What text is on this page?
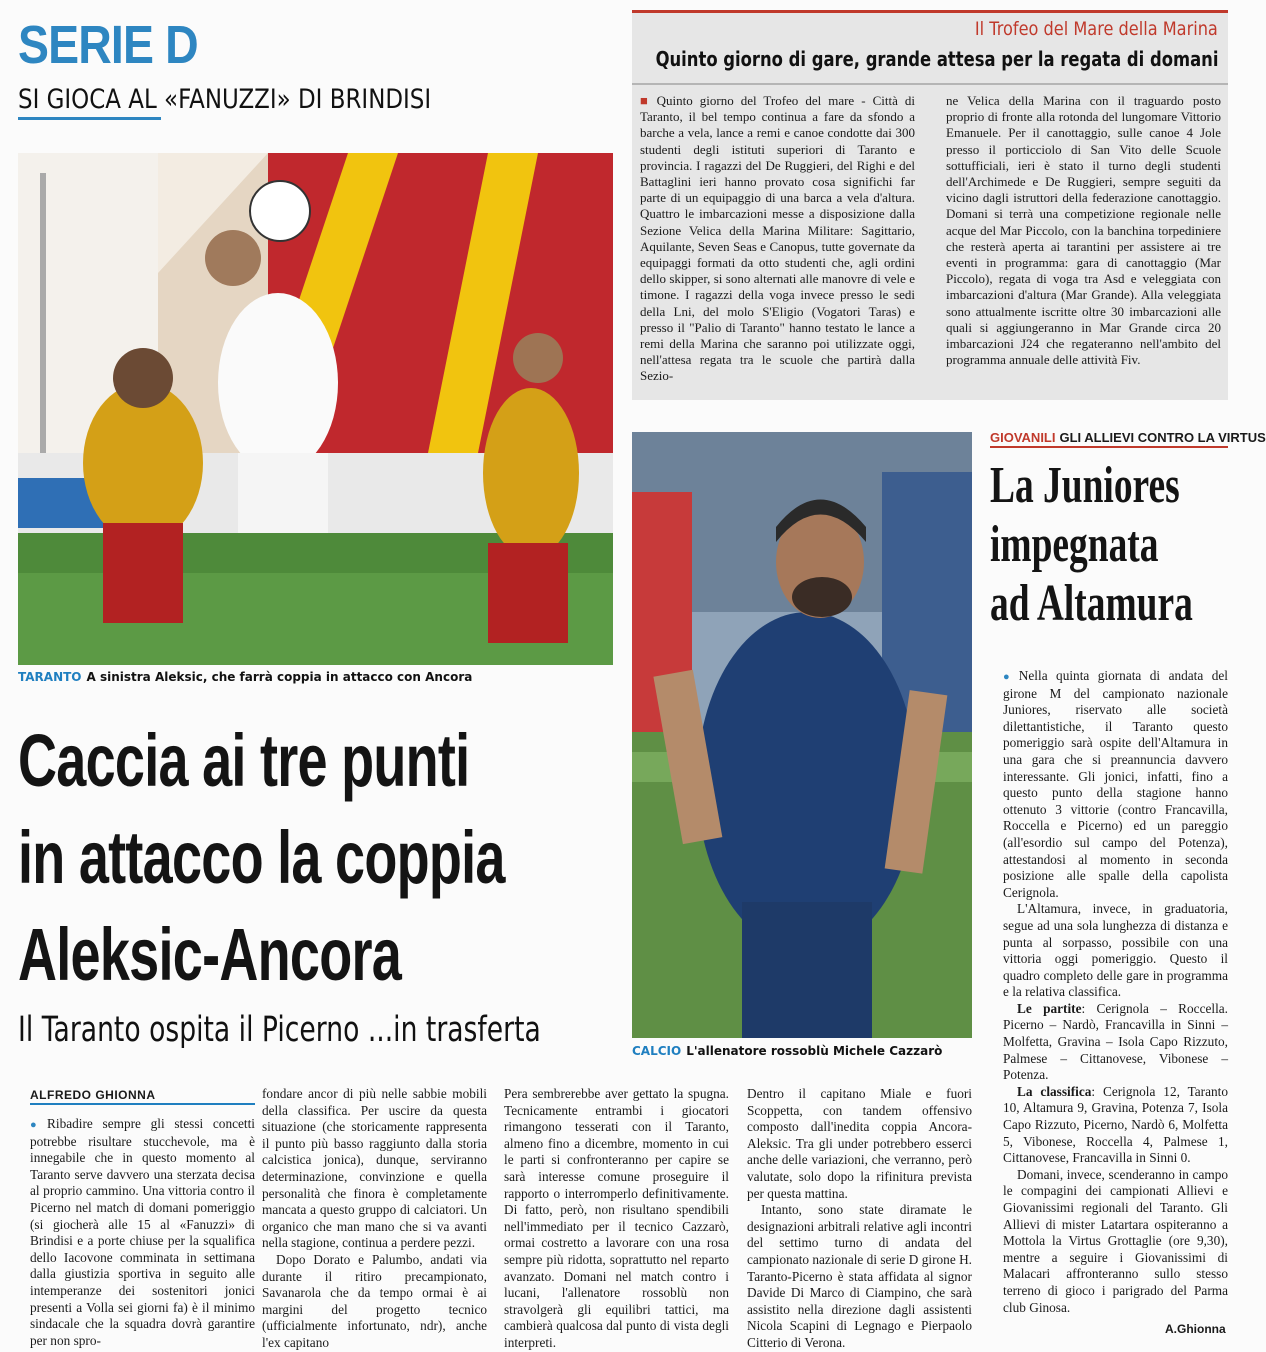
SERIE D
SI GIOCA AL «FANUZZI» DI BRINDISI
TARANTO A sinistra Aleksic, che farrà coppia in attacco con Ancora
Caccia ai tre punti
in attacco la coppia
Aleksic-Ancora
Il Taranto ospita il Picerno ...in trasferta
ALFREDO GHIONNA

● Ribadire sempre gli stessi concetti potrebbe risultare stucchevole, ma è innegabile che in questo momento al Taranto serve davvero una sterzata decisa al proprio cammino. Una vittoria contro il Picerno nel match di domani pomeriggio (si giocherà alle 15 al «Fanuzzi» di Brindisi e a porte chiuse per la squalifica dello Iacovone comminata in settimana dalla giustizia sportiva in seguito alle intemperanze dei sostenitori jonici presenti a Volla sei giorni fa) è il minimo sindacale che la squadra dovrà garantire per non spro-

fondare ancor di più nelle sabbie mobili della classifica. Per uscire da questa situazione (che storicamente rappresenta il punto più basso raggiunto dalla storia calcistica jonica), dunque, serviranno determinazione, convinzione e quella personalità che finora è completamente mancata a questo gruppo di calciatori. Un organico che man mano che si va avanti nella stagione, continua a perdere pezzi.

Dopo Dorato e Palumbo, andati via durante il ritiro precampionato, Savanarola che da tempo ormai è ai margini del progetto tecnico (ufficialmente infortunato, ndr), anche l'ex capitano

Pera sembrerebbe aver gettato la spugna. Tecnicamente entrambi i giocatori rimangono tesserati con il Taranto, almeno fino a dicembre, momento in cui le parti si confronteranno per capire se sarà interesse comune proseguire il rapporto o interromperlo definitivamente. Di fatto, però, non risultano spendibili nell'immediato per il tecnico Cazzarò, ormai costretto a lavorare con una rosa sempre più ridotta, soprattutto nel reparto avanzato. Domani nel match contro i lucani, l'allenatore rossoblù non stravolgerà gli equilibri tattici, ma cambierà qualcosa dal punto di vista degli interpreti.

Dentro il capitano Miale e fuori Scoppetta, con tandem offensivo composto dall'inedita coppia Ancora-Aleksic. Tra gli under potrebbero esserci anche delle variazioni, che verranno, però valutate, solo dopo la rifinitura prevista per questa mattina.

Intanto, sono state diramate le designazioni arbitrali relative agli incontri del settimo turno di andata del campionato nazionale di serie D girone H. Taranto-Picerno è stata affidata al signor Davide Di Marco di Ciampino, che sarà assistito nella direzione dagli assistenti Nicola Scapini di Legnago e Pierpaolo Citterio di Verona.

Il Trofeo del Mare della Marina
Quinto giorno di gare, grande attesa per la regata di domani

■ Quinto giorno del Trofeo del mare - Città di Taranto, il bel tempo continua a fare da sfondo a barche a vela, lance a remi e canoe condotte dai 300 studenti degli istituti superiori di Taranto e provincia. I ragazzi del De Ruggieri, del Righi e del Battaglini ieri hanno provato cosa significhi far parte di un equipaggio di una barca a vela d'altura. Quattro le imbarcazioni messe a disposizione dalla Sezione Velica della Marina Militare: Sagittario, Aquilante, Seven Seas e Canopus, tutte governate da equipaggi formati da otto studenti che, agli ordini dello skipper, si sono alternati alle manovre di vele e timone. I ragazzi della voga invece presso le sedi della Lni, del molo S'Eligio (Vogatori Taras) e presso il "Palio di Taranto" hanno testato le lance a remi della Marina che saranno poi utilizzate oggi, nell'attesa regata tra le scuole che partirà dalla Sezio-

ne Velica della Marina con il traguardo posto proprio di fronte alla rotonda del lungomare Vittorio Emanuele. Per il canottaggio, sulle canoe 4 Jole presso il porticciolo di San Vito delle Scuole sottufficiali, ieri è stato il turno degli studenti dell'Archimede e De Ruggieri, sempre seguiti da vicino dagli istruttori della federazione canottaggio. Domani si terrà una competizione regionale nelle acque del Mar Piccolo, con la banchina torpediniere che resterà aperta ai tarantini per assistere ai tre eventi in programma: gara di canottaggio (Mar Piccolo), regata di voga tra Asd e veleggiata con imbarcazioni d'altura (Mar Grande). Alla veleggiata sono attualmente iscritte oltre 30 imbarcazioni alle quali si aggiungeranno in Mar Grande circa 20 imbarcazioni J24 che regateranno nell'ambito del programma annuale delle attività Fiv.

CALCIO L'allenatore rossoblù Michele Cazzarò
GIOVANILI GLI ALLIEVI CONTRO LA VIRTUS
La Juniores
impegnata
ad Altamura

● Nella quinta giornata di andata del girone M del campionato nazionale Juniores, riservato alle società dilettantistiche, il Taranto questo pomeriggio sarà ospite dell'Altamura in una gara che si preannuncia davvero interessante. Gli jonici, infatti, fino a questo punto della stagione hanno ottenuto 3 vittorie (contro Francavilla, Roccella e Picerno) ed un pareggio (all'esordio sul campo del Potenza), attestandosi al momento in seconda posizione alle spalle della capolista Cerignola.

L'Altamura, invece, in graduatoria, segue ad una sola lunghezza di distanza e punta al sorpasso, possibile con una vittoria oggi pomeriggio. Questo il quadro completo delle gare in programma e la relativa classifica.

Le partite: Cerignola – Roccella. Picerno – Nardò, Francavilla in Sinni – Molfetta, Gravina – Isola Capo Rizzuto, Palmese – Cittanovese, Vibonese – Potenza.

La classifica: Cerignola 12, Taranto 10, Altamura 9, Gravina, Potenza 7, Isola Capo Rizzuto, Picerno, Nardò 6, Molfetta 5, Vibonese, Roccella 4, Palmese 1, Cittanovese, Francavilla in Sinni 0.

Domani, invece, scenderanno in campo le compagini dei campionati Allievi e Giovanissimi regionali del Taranto. Gli Allievi di mister Latartara ospiteranno a Mottola la Virtus Grottaglie (ore 9,30), mentre a seguire i Giovanissimi di Malacari affronteranno sullo stesso terreno di gioco i parigrado del Parma club Ginosa.

A.Ghionna
